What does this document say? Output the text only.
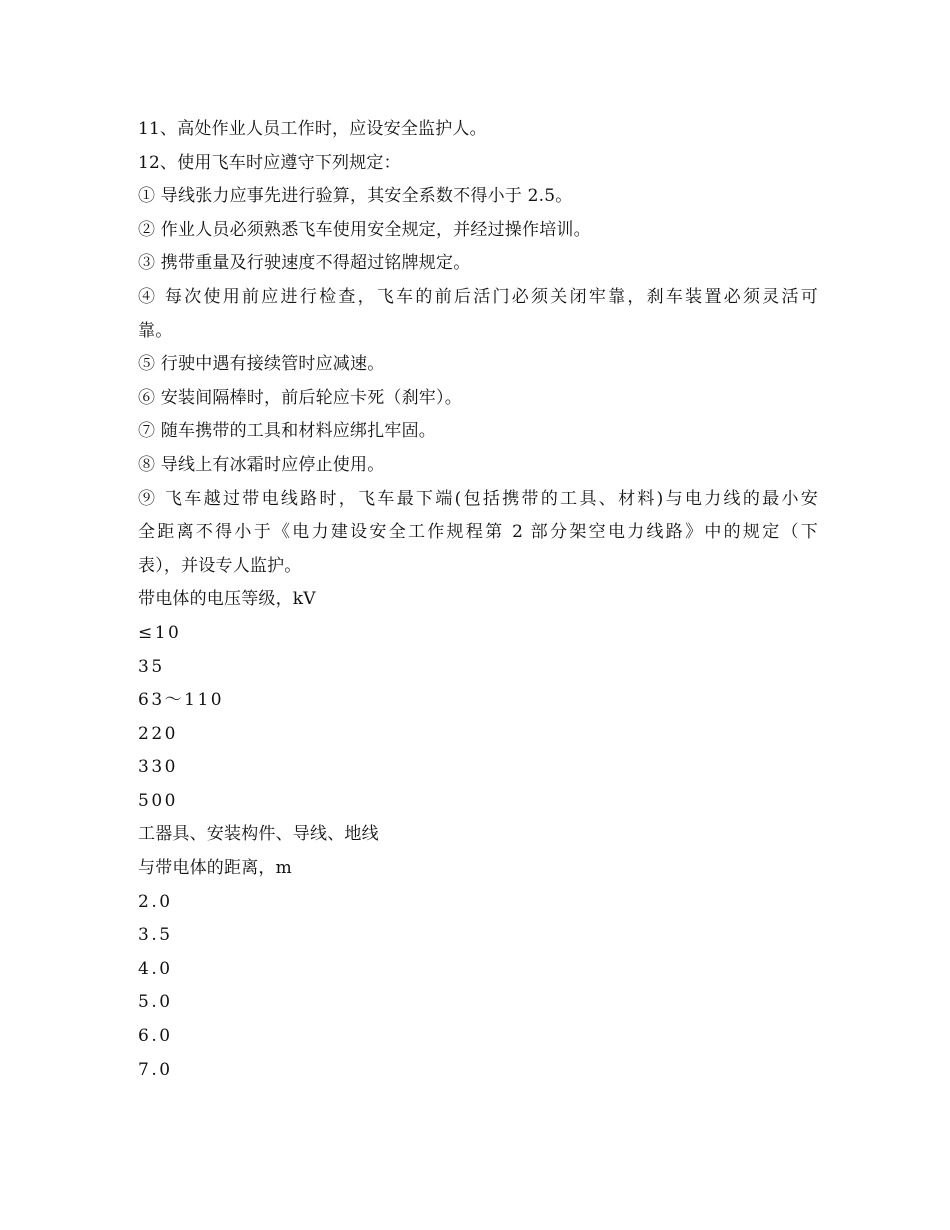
11、高处作业人员工作时，应设安全监护人。
12、使用飞车时应遵守下列规定：
① 导线张力应事先进行验算，其安全系数不得小于 2.5。
② 作业人员必须熟悉飞车使用安全规定，并经过操作培训。
③ 携带重量及行驶速度不得超过铭牌规定。
④ 每次使用前应进行检查，飞车的前后活门必须关闭牢靠，刹车装置必须灵活可
靠。
⑤ 行驶中遇有接续管时应减速。
⑥ 安装间隔棒时，前后轮应卡死（刹牢）。
⑦ 随车携带的工具和材料应绑扎牢固。
⑧ 导线上有冰霜时应停止使用。
⑨ 飞车越过带电线路时，飞车最下端(包括携带的工具、材料)与电力线的最小安
全距离不得小于《电力建设安全工作规程第 2 部分架空电力线路》中的规定（下
表），并设专人监护。
带电体的电压等级，kV
≤10
35
63～110
220
330
500
工器具、安装构件、导线、地线
与带电体的距离，m
2.0
3.5
4.0
5.0
6.0
7.0
